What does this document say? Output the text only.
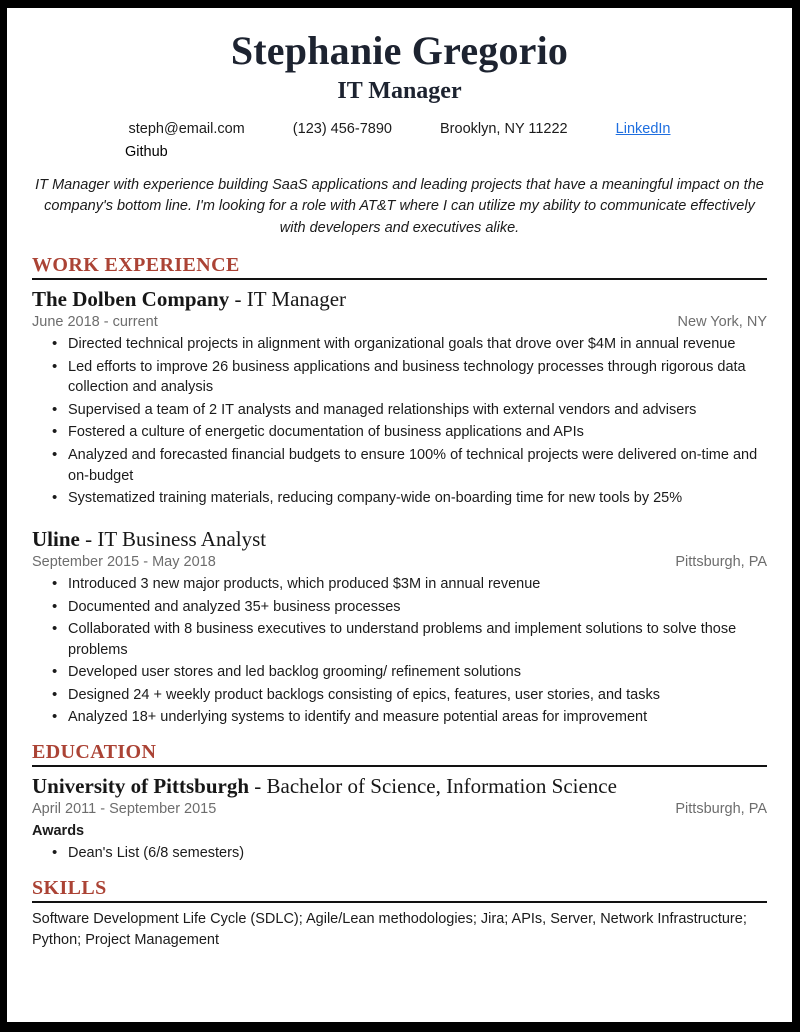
Stephanie Gregorio
IT Manager
steph@email.com	(123) 456-7890	Brooklyn, NY 11222	LinkedIn
Github

IT Manager with experience building SaaS applications and leading projects that have a meaningful impact on the company's bottom line. I'm looking for a role with AT&T where I can utilize my ability to communicate effectively with developers and executives alike.

WORK EXPERIENCE

The Dolben Company - IT Manager

June 2018 - current	New York, NY
• Directed technical projects in alignment with organizational goals that drove over $4M in annual revenue
• Led efforts to improve 26 business applications and business technology processes through rigorous data collection and analysis
• Supervised a team of 2 IT analysts and managed relationships with external vendors and advisers
• Fostered a culture of energetic documentation of business applications and APIs
• Analyzed and forecasted financial budgets to ensure 100% of technical projects were delivered on-time and on-budget
• Systematized training materials, reducing company-wide on-boarding time for new tools by 25%

Uline - IT Business Analyst

September 2015 - May 2018	Pittsburgh, PA
• Introduced 3 new major products, which produced $3M in annual revenue
• Documented and analyzed 35+ business processes
• Collaborated with 8 business executives to understand problems and implement solutions to solve those problems
• Developed user stores and led backlog grooming/ refinement solutions
• Designed 24 + weekly product backlogs consisting of epics, features, user stories, and tasks
• Analyzed 18+ underlying systems to identify and measure potential areas for improvement
EDUCATION

University of Pittsburgh - Bachelor of Science, Information Science

April 2011 - September 2015	Pittsburgh, PA
Awards
• Dean's List (6/8 semesters)
SKILLS

Software Development Life Cycle (SDLC); Agile/Lean methodologies; Jira; APIs, Server, Network Infrastructure; Python; Project Management
